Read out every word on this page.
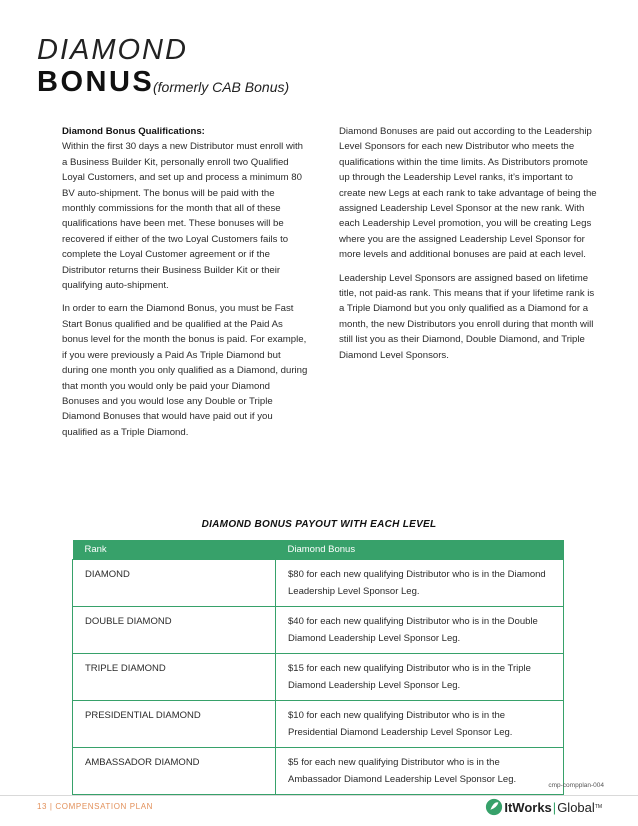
DIAMOND
BONUS
(formerly CAB Bonus)

Diamond Bonus Qualifications:
Within the first 30 days a new Distributor must enroll with a Business Builder Kit, personally enroll two Qualified Loyal Customers, and set up and process a minimum 80 BV auto-shipment. The bonus will be paid with the monthly commissions for the month that all of these qualifications have been met. These bonuses will be recovered if either of the two Loyal Customers fails to complete the Loyal Customer agreement or if the Distributor returns their Business Builder Kit or their qualifying auto-shipment.

In order to earn the Diamond Bonus, you must be Fast Start Bonus qualified and be qualified at the Paid As bonus level for the month the bonus is paid. For example, if you were previously a Paid As Triple Diamond but during one month you only qualified as a Diamond, during that month you would only be paid your Diamond Bonuses and you would lose any Double or Triple Diamond Bonuses that would have paid out if you qualified as a Triple Diamond.

Diamond Bonuses are paid out according to the Leadership Level Sponsors for each new Distributor who meets the qualifications within the time limits. As Distributors promote up through the Leadership Level ranks, it’s important to create new Legs at each rank to take advantage of being the assigned Leadership Level Sponsor at the new rank. With each Leadership Level promotion, you will be creating Legs where you are the assigned Leadership Level Sponsor for more levels and additional bonuses are paid at each level.

Leadership Level Sponsors are assigned based on lifetime title, not paid-as rank. This means that if your lifetime rank is a Triple Diamond but you only qualified as a Diamond for a month, the new Distributors you enroll during that month will still list you as their Diamond, Double Diamond, and Triple Diamond Level Sponsors.

DIAMOND BONUS PAYOUT WITH EACH LEVEL
Rank	Diamond Bonus
DIAMOND	$80 for each new qualifying Distributor who is in the Diamond Leadership Level Sponsor Leg.
DOUBLE DIAMOND	$40 for each new qualifying Distributor who is in the Double Diamond Leadership Level Sponsor Leg.
TRIPLE DIAMOND	$15 for each new qualifying Distributor who is in the Triple Diamond Leadership Level Sponsor Leg.
PRESIDENTIAL DIAMOND	$10 for each new qualifying Distributor who is in the Presidential Diamond Leadership Level Sponsor Leg.
AMBASSADOR DIAMOND	$5 for each new qualifying Distributor who is in the Ambassador Diamond Leadership Level Sponsor Leg.
cmp-compplan-004
13 | COMPENSATION PLAN	It Works | Global TM
